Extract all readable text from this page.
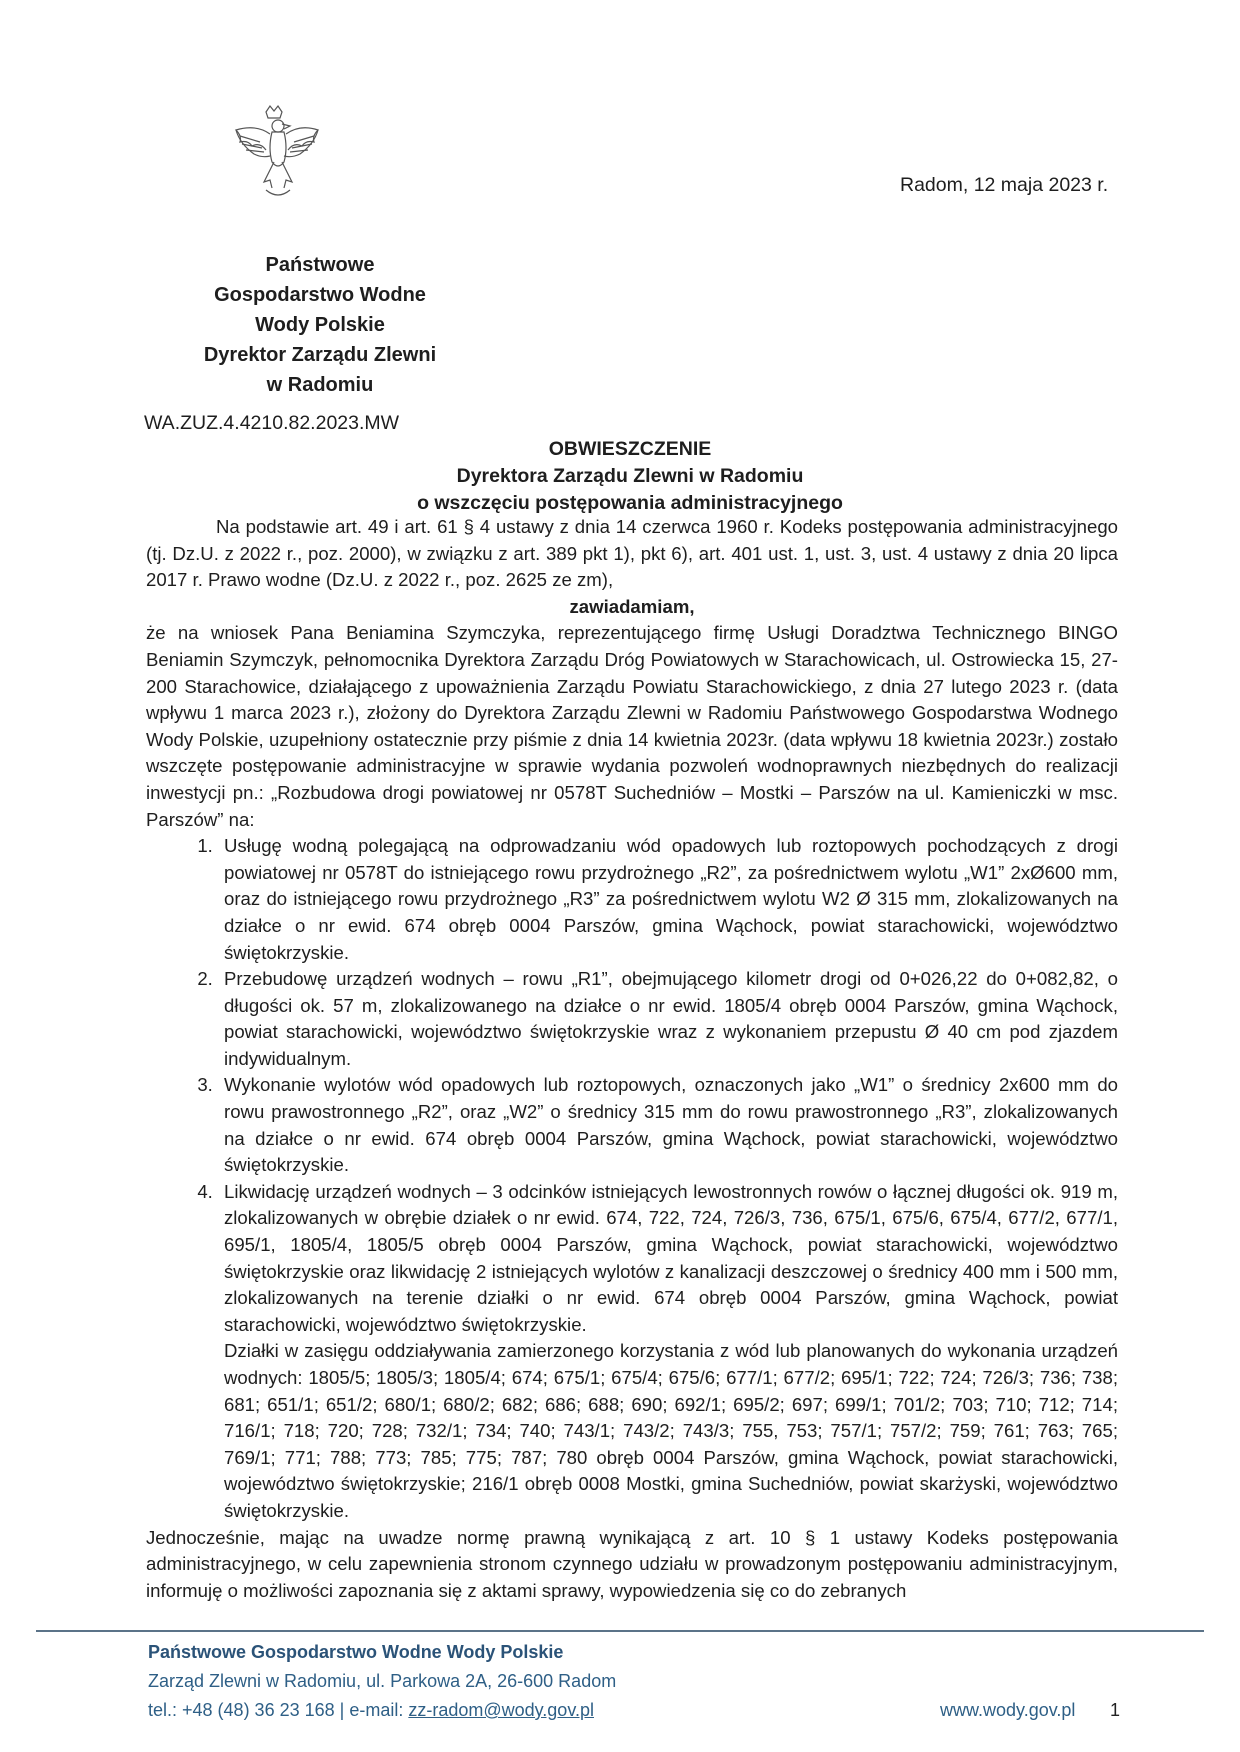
Radom, 12 maja 2023 r.
Państwowe
Gospodarstwo Wodne
Wody Polskie
Dyrektor Zarządu Zlewni
w Radomiu
WA.ZUZ.4.4210.82.2023.MW
OBWIESZCZENIE
Dyrektora Zarządu Zlewni w Radomiu
o wszczęciu postępowania administracyjnego

Na podstawie art. 49 i art. 61 § 4 ustawy z dnia 14 czerwca 1960 r. Kodeks postępowania administracyjnego (tj. Dz.U. z 2022 r., poz. 2000), w związku z art. 389 pkt 1), pkt 6), art. 401 ust. 1, ust. 3, ust. 4 ustawy z dnia 20 lipca 2017 r. Prawo wodne (Dz.U. z 2022 r., poz. 2625 ze zm),

zawiadamiam,

że na wniosek Pana Beniamina Szymczyka, reprezentującego firmę Usługi Doradztwa Technicznego BINGO Beniamin Szymczyk, pełnomocnika Dyrektora Zarządu Dróg Powiatowych w Starachowicach, ul. Ostrowiecka 15, 27-200 Starachowice, działającego z upoważnienia Zarządu Powiatu Starachowickiego, z dnia 27 lutego 2023 r. (data wpływu 1 marca 2023 r.), złożony do Dyrektora Zarządu Zlewni w Radomiu Państwowego Gospodarstwa Wodnego Wody Polskie, uzupełniony ostatecznie przy piśmie z dnia 14 kwietnia 2023r. (data wpływu 18 kwietnia 2023r.) zostało wszczęte postępowanie administracyjne w sprawie wydania pozwoleń wodnoprawnych niezbędnych do realizacji inwestycji pn.: „Rozbudowa drogi powiatowej nr 0578T Suchedniów – Mostki – Parszów na ul. Kamieniczki w msc. Parszów” na:

1. Usługę wodną polegającą na odprowadzaniu wód opadowych lub roztopowych pochodzących z drogi powiatowej nr 0578T do istniejącego rowu przydrożnego „R2”, za pośrednictwem wylotu „W1” 2xØ600 mm, oraz do istniejącego rowu przydrożnego „R3” za pośrednictwem wylotu W2 Ø 315 mm, zlokalizowanych na działce o nr ewid. 674 obręb 0004 Parszów, gmina Wąchock, powiat starachowicki, województwo świętokrzyskie.
2. Przebudowę urządzeń wodnych – rowu „R1”, obejmującego kilometr drogi od 0+026,22 do 0+082,82, o długości ok. 57 m, zlokalizowanego na działce o nr ewid. 1805/4 obręb 0004 Parszów, gmina Wąchock, powiat starachowicki, województwo świętokrzyskie wraz z wykonaniem przepustu Ø 40 cm pod zjazdem indywidualnym.
3. Wykonanie wylotów wód opadowych lub roztopowych, oznaczonych jako „W1” o średnicy 2x600 mm do rowu prawostronnego „R2”, oraz „W2” o średnicy 315 mm do rowu prawostronnego „R3”, zlokalizowanych na działce o nr ewid. 674 obręb 0004 Parszów, gmina Wąchock, powiat starachowicki, województwo świętokrzyskie.
4. Likwidację urządzeń wodnych – 3 odcinków istniejących lewostronnych rowów o łącznej długości ok. 919 m, zlokalizowanych w obrębie działek o nr ewid. 674, 722, 724, 726/3, 736, 675/1, 675/6, 675/4, 677/2, 677/1, 695/1, 1805/4, 1805/5 obręb 0004 Parszów, gmina Wąchock, powiat starachowicki, województwo świętokrzyskie oraz likwidację 2 istniejących wylotów z kanalizacji deszczowej o średnicy 400 mm i 500 mm, zlokalizowanych na terenie działki o nr ewid. 674 obręb 0004 Parszów, gmina Wąchock, powiat starachowicki, województwo świętokrzyskie.

Działki w zasięgu oddziaływania zamierzonego korzystania z wód lub planowanych do wykonania urządzeń wodnych: 1805/5; 1805/3; 1805/4; 674; 675/1; 675/4; 675/6; 677/1; 677/2; 695/1; 722; 724; 726/3; 736; 738; 681; 651/1; 651/2; 680/1; 680/2; 682; 686; 688; 690; 692/1; 695/2; 697; 699/1; 701/2; 703; 710; 712; 714; 716/1; 718; 720; 728; 732/1; 734; 740; 743/1; 743/2; 743/3; 755, 753; 757/1; 757/2; 759; 761; 763; 765; 769/1; 771; 788; 773; 785; 775; 787; 780 obręb 0004 Parszów, gmina Wąchock, powiat starachowicki, województwo świętokrzyskie; 216/1 obręb 0008 Mostki, gmina Suchedniów, powiat skarżyski, województwo świętokrzyskie.

Jednocześnie, mając na uwadze normę prawną wynikającą z art. 10 § 1 ustawy Kodeks postępowania administracyjnego, w celu zapewnienia stronom czynnego udziału w prowadzonym postępowaniu administracyjnym, informuję o możliwości zapoznania się z aktami sprawy, wypowiedzenia się co do zebranych

Państwowe Gospodarstwo Wodne Wody Polskie
Zarząd Zlewni w Radomiu, ul. Parkowa 2A, 26-600 Radom
tel.: +48 (48) 36 23 168 | e-mail: zz-radom@wody.gov.pl	www.wody.gov.pl 1
